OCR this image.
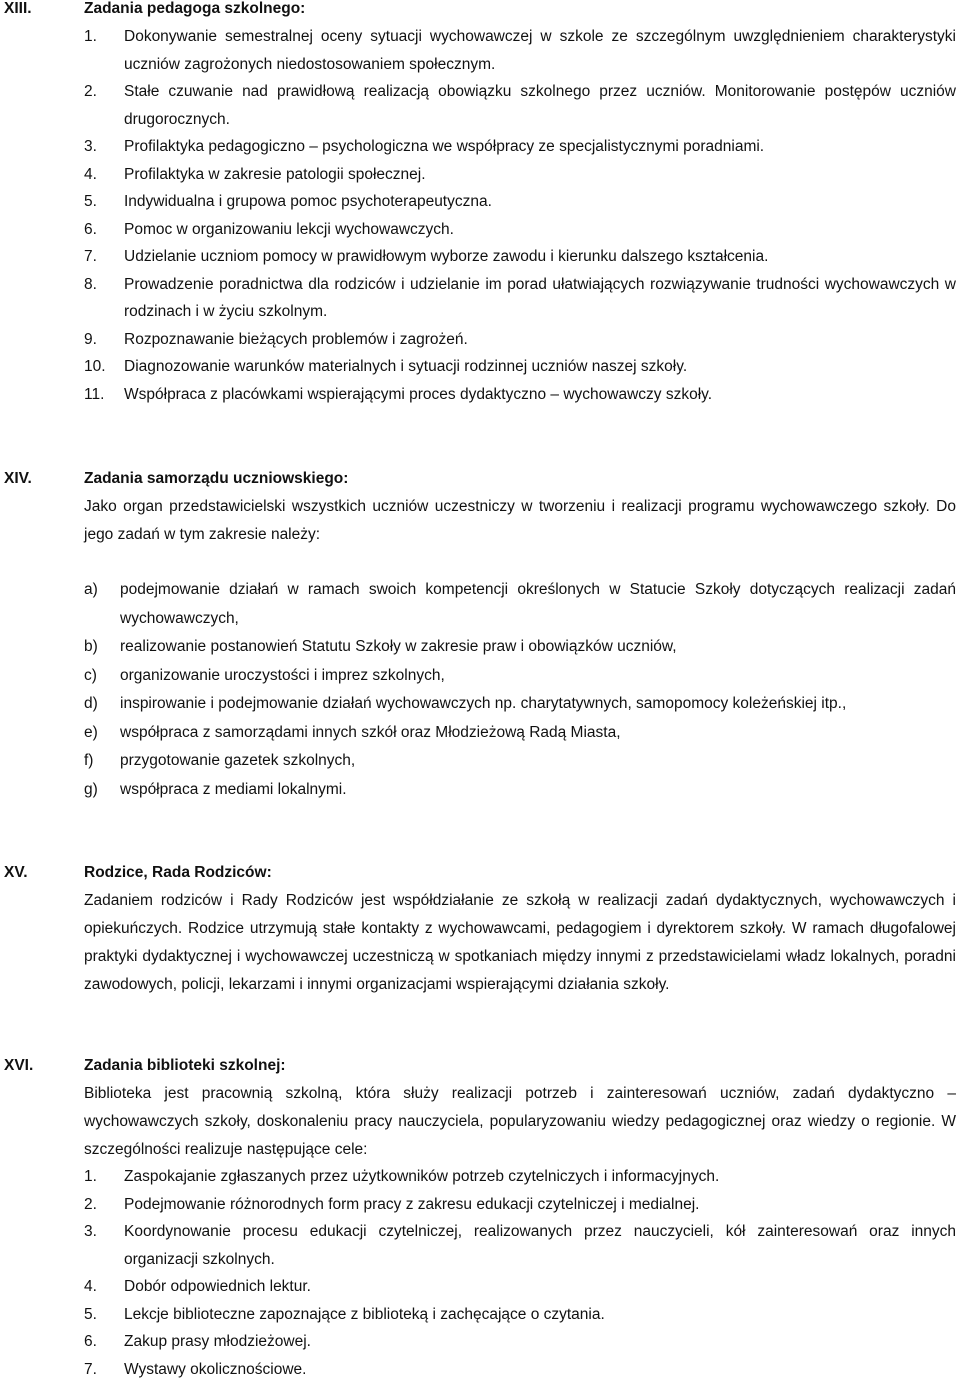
XIII.	Zadania pedagoga szkolnego:
1. Dokonywanie semestralnej oceny sytuacji wychowawczej w szkole ze szczególnym uwzględnieniem charakterystyki uczniów zagrożonych niedostosowaniem społecznym.
2. Stałe czuwanie nad prawidłową realizacją obowiązku szkolnego przez uczniów. Monitorowanie postępów uczniów drugorocznych.
3. Profilaktyka pedagogiczno – psychologiczna we współpracy ze specjalistycznymi poradniami.
4. Profilaktyka w zakresie patologii społecznej.
5. Indywidualna i grupowa pomoc psychoterapeutyczna.
6. Pomoc w organizowaniu lekcji wychowawczych.
7. Udzielanie uczniom pomocy w prawidłowym wyborze zawodu i kierunku dalszego kształcenia.
8. Prowadzenie poradnictwa dla rodziców i udzielanie im porad ułatwiających rozwiązywanie trudności wychowawczych w rodzinach i w życiu szkolnym.
9. Rozpoznawanie bieżących problemów i zagrożeń.
10. Diagnozowanie warunków materialnych i sytuacji rodzinnej uczniów naszej szkoły.
11. Współpraca z placówkami wspierającymi proces dydaktyczno – wychowawczy szkoły.
XIV.	Zadania samorządu uczniowskiego:
Jako organ przedstawicielski wszystkich uczniów uczestniczy w tworzeniu i realizacji programu wychowawczego szkoły. Do jego zadań w tym zakresie należy:
a) podejmowanie działań w ramach swoich kompetencji określonych w Statucie Szkoły dotyczących realizacji zadań wychowawczych,
b) realizowanie postanowień Statutu Szkoły w zakresie praw i obowiązków uczniów,
c) organizowanie uroczystości i imprez szkolnych,
d) inspirowanie i podejmowanie działań wychowawczych np. charytatywnych, samopomocy koleżeńskiej itp.,
e) współpraca z samorządami innych szkół oraz Młodzieżową Radą Miasta,
f) przygotowanie gazetek szkolnych,
g) współpraca z mediami lokalnymi.
XV.	Rodzice, Rada Rodziców:
Zadaniem rodziców i Rady Rodziców jest współdziałanie ze szkołą w realizacji zadań dydaktycznych, wychowawczych i opiekuńczych. Rodzice utrzymują stałe kontakty z wychowawcami, pedagogiem i dyrektorem szkoły. W ramach długofalowej praktyki dydaktycznej i wychowawczej uczestniczą w spotkaniach między innymi z przedstawicielami władz lokalnych, poradni zawodowych, policji, lekarzami i innymi organizacjami wspierającymi działania szkoły.
XVI.	Zadania biblioteki szkolnej:
Biblioteka jest pracownią szkolną, która służy realizacji potrzeb i zainteresowań uczniów, zadań dydaktyczno – wychowawczych szkoły, doskonaleniu pracy nauczyciela, popularyzowaniu wiedzy pedagogicznej oraz wiedzy o regionie. W szczególności realizuje następujące cele:
1. Zaspokajanie zgłaszanych przez użytkowników potrzeb czytelniczych i informacyjnych.
2. Podejmowanie różnorodnych form pracy z zakresu edukacji czytelniczej i medialnej.
3. Koordynowanie procesu edukacji czytelniczej, realizowanych przez nauczycieli, kół zainteresowań oraz innych organizacji szkolnych.
4. Dobór odpowiednich lektur.
5. Lekcje biblioteczne zapoznające z biblioteką i zachęcające o czytania.
6. Zakup prasy młodzieżowej.
7. Wystawy okolicznościowe.
